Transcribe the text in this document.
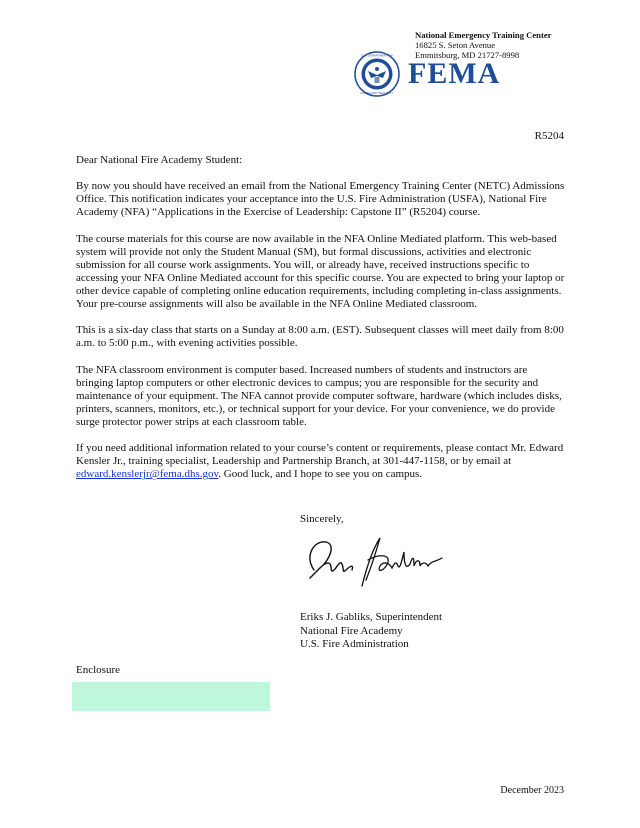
National Emergency Training Center
16825 S. Seton Avenue
Emmitsburg, MD 21727-8998
U.S. DEPARTMENT OF
HOMELAND SECURITY
FEMA
R5204

Dear National Fire Academy Student:

By now you should have received an email from the National Emergency Training Center (NETC) Admissions Office. This notification indicates your acceptance into the U.S. Fire Administration (USFA), National Fire Academy (NFA) “Applications in the Exercise of Leadership: Capstone II” (R5204) course.

The course materials for this course are now available in the NFA Online Mediated platform. This web-based system will provide not only the Student Manual (SM), but formal discussions, activities and electronic submission for all course work assignments. You will, or already have, received instructions specific to accessing your NFA Online Mediated account for this specific course. You are expected to bring your laptop or other device capable of completing online education requirements, including completing in-class assignments. Your pre-course assignments will also be available in the NFA Online Mediated classroom.

This is a six-day class that starts on a Sunday at 8:00 a.m. (EST). Subsequent classes will meet daily from 8:00 a.m. to 5:00 p.m., with evening activities possible.

The NFA classroom environment is computer based. Increased numbers of students and instructors are bringing laptop computers or other electronic devices to campus; you are responsible for the security and maintenance of your equipment. The NFA cannot provide computer software, hardware (which includes disks, printers, scanners, monitors, etc.), or technical support for your device. For your convenience, we do provide surge protector power strips at each classroom table.

If you need additional information related to your course’s content or requirements, please contact Mr. Edward Kensler Jr., training specialist, Leadership and Partnership Branch, at 301-447-1158, or by email at edward.kenslerjr@fema.dhs.gov. Good luck, and I hope to see you on campus.

Sincerely,
Eriks J. Gabliks, Superintendent
National Fire Academy
U.S. Fire Administration
Enclosure
December 2023
